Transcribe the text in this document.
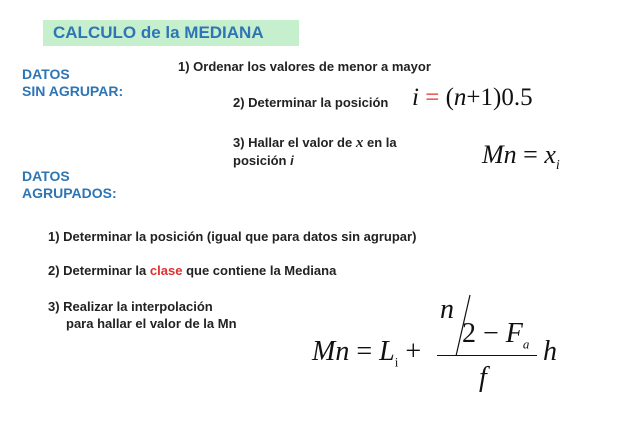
CALCULO de la MEDIANA
DATOS
SIN AGRUPAR:
DATOS
AGRUPADOS:
1) Ordenar los valores de menor a mayor
2) Determinar la posición
3) Hallar el valor de x en la
posición i
i = (n+1)0.5
$Mn = x_i$
1) Determinar la posición (igual que para datos sin agrupar)
2) Determinar la clase que contiene la Mediana
3) Realizar la interpolación
para hallar el valor de la Mn
$Mn = L_i$ +
n
$2 - F_a$
f
h
